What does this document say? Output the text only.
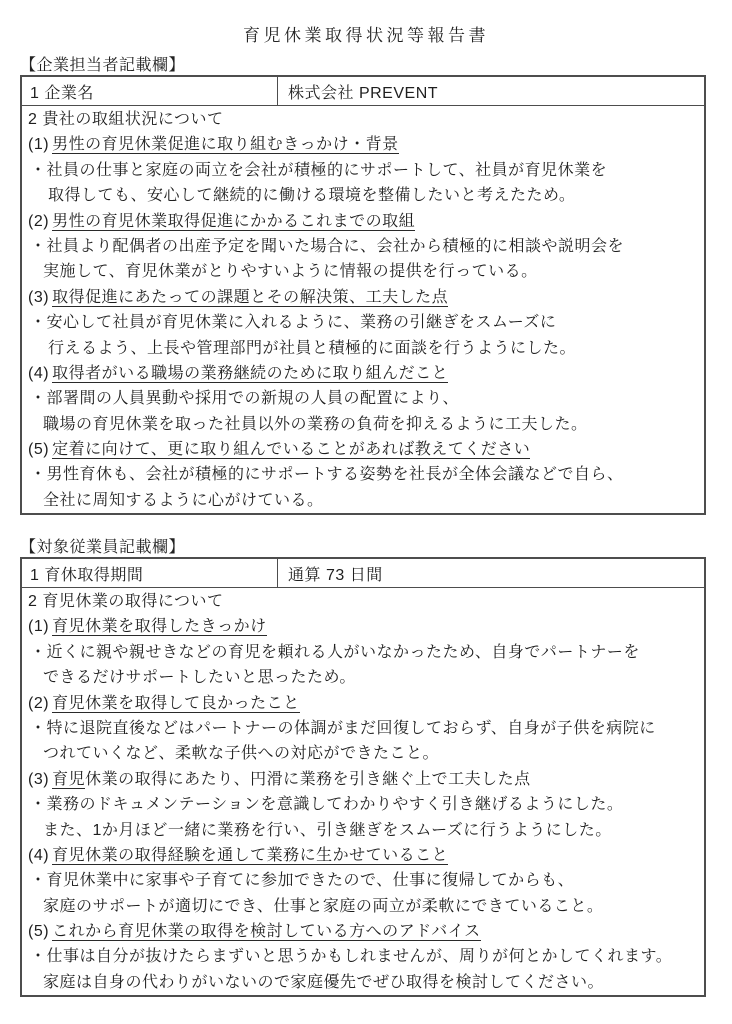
育児休業取得状況等報告書
【企業担当者記載欄】
1 企業名	株式会社 PREVENT
2 貴社の取組状況について
(1) 男性の育児休業促進に取り組むきっかけ・背景
・社員の仕事と家庭の両立を会社が積極的にサポートして、社員が育児休業を
取得しても、安心して継続的に働ける環境を整備したいと考えたため。
(2) 男性の育児休業取得促進にかかるこれまでの取組
・社員より配偶者の出産予定を聞いた場合に、会社から積極的に相談や説明会を
実施して、育児休業がとりやすいように情報の提供を行っている。
(3) 取得促進にあたっての課題とその解決策、工夫した点
・安心して社員が育児休業に入れるように、業務の引継ぎをスムーズに
行えるよう、上長や管理部門が社員と積極的に面談を行うようにした。
(4) 取得者がいる職場の業務継続のために取り組んだこと
・部署間の人員異動や採用での新規の人員の配置により、
職場の育児休業を取った社員以外の業務の負荷を抑えるように工夫した。
(5) 定着に向けて、更に取り組んでいることがあれば教えてください
・男性育休も、会社が積極的にサポートする姿勢を社長が全体会議などで自ら、
全社に周知するように心がけている。
【対象従業員記載欄】
1 育休取得期間	通算 73 日間
2 育児休業の取得について
(1) 育児休業を取得したきっかけ
・近くに親や親せきなどの育児を頼れる人がいなかったため、自身でパートナーを
できるだけサポートしたいと思ったため。
(2) 育児休業を取得して良かったこと
・特に退院直後などはパートナーの体調がまだ回復しておらず、自身が子供を病院に
つれていくなど、柔軟な子供への対応ができたこと。
(3) 育児休業の取得にあたり、円滑に業務を引き継ぐ上で工夫した点
・業務のドキュメンテーションを意識してわかりやすく引き継げるようにした。
また、1か月ほど一緒に業務を行い、引き継ぎをスムーズに行うようにした。
(4) 育児休業の取得経験を通して業務に生かせていること
・育児休業中に家事や子育てに参加できたので、仕事に復帰してからも、
家庭のサポートが適切にでき、仕事と家庭の両立が柔軟にできていること。
(5) これから育児休業の取得を検討している方へのアドバイス
・仕事は自分が抜けたらまずいと思うかもしれませんが、周りが何とかしてくれます。
家庭は自身の代わりがいないので家庭優先でぜひ取得を検討してください。
